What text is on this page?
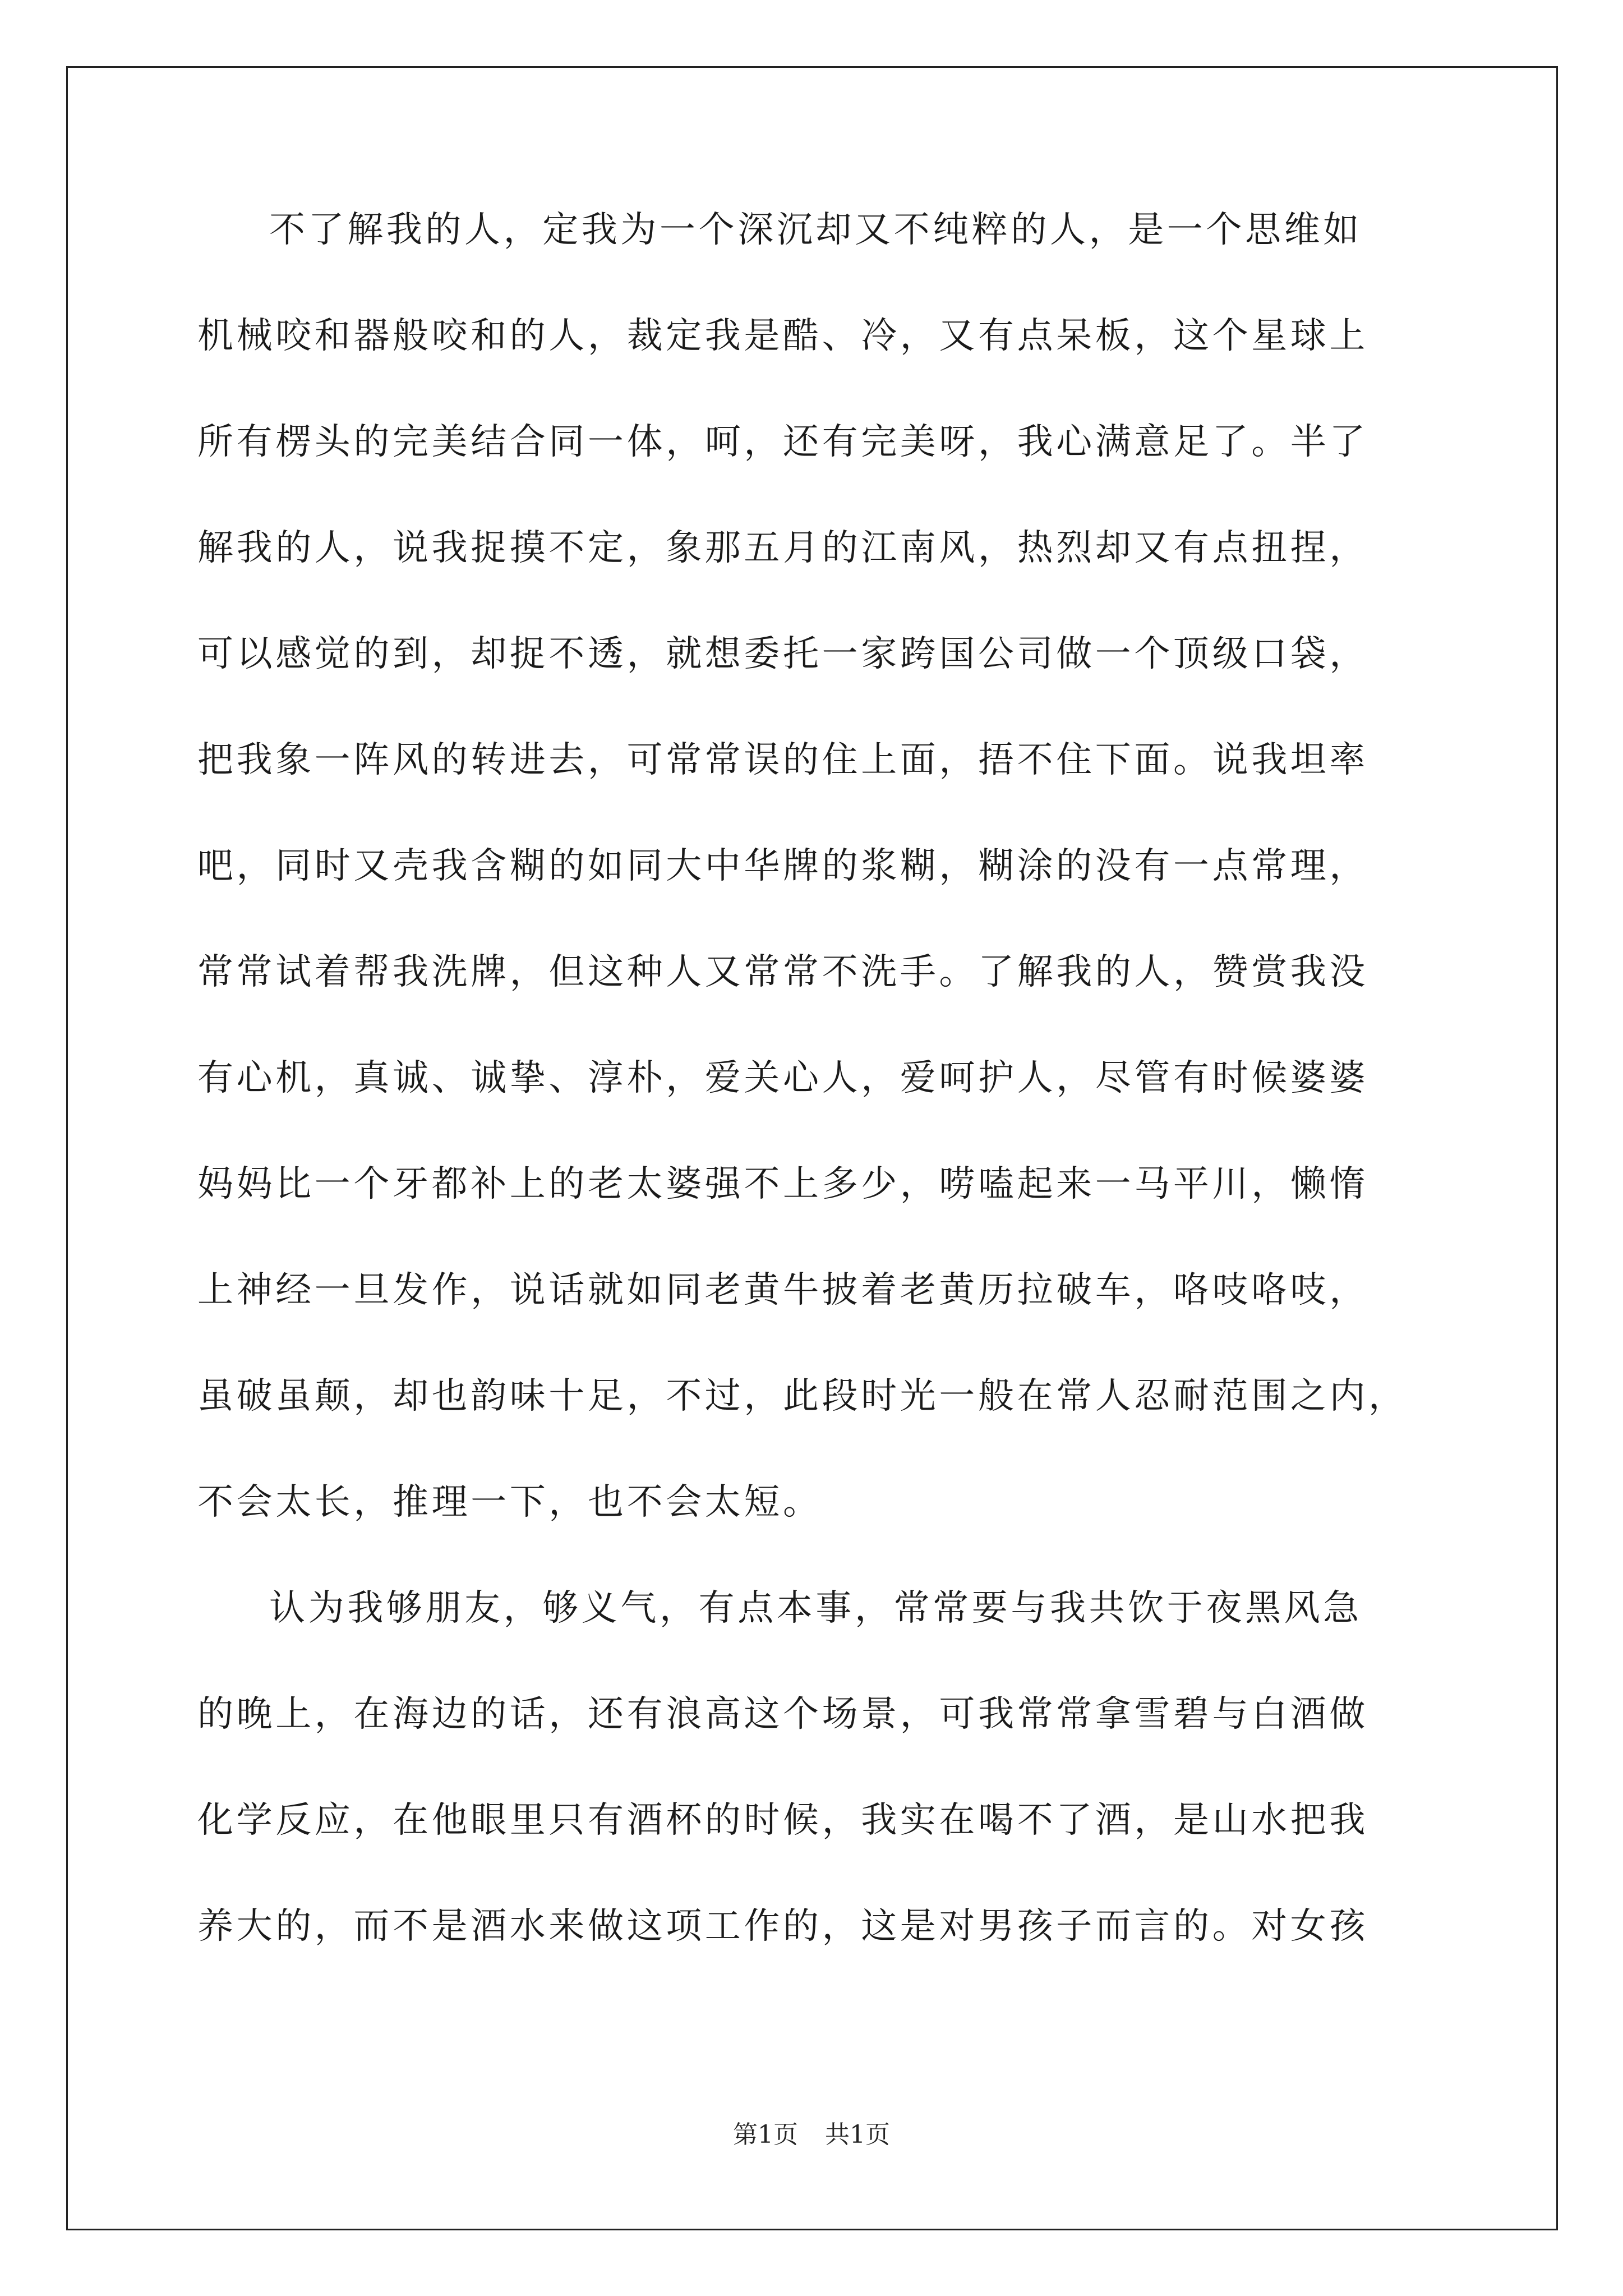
不了解我的人，定我为一个深沉却又不纯粹的人，是一个思维如
机械咬和器般咬和的人，裁定我是酷、冷，又有点呆板，这个星球上
所有楞头的完美结合同一体，呵，还有完美呀，我心满意足了。半了
解我的人，说我捉摸不定，象那五月的江南风，热烈却又有点扭捏，
可以感觉的到，却捉不透，就想委托一家跨国公司做一个顶级口袋，
把我象一阵风的转进去，可常常误的住上面，捂不住下面。说我坦率
吧，同时又壳我含糊的如同大中华牌的浆糊，糊涂的没有一点常理，
常常试着帮我洗牌，但这种人又常常不洗手。了解我的人，赞赏我没
有心机，真诚、诚挚、淳朴，爱关心人，爱呵护人，尽管有时候婆婆
妈妈比一个牙都补上的老太婆强不上多少，唠嗑起来一马平川，懒惰
上神经一旦发作，说话就如同老黄牛披着老黄历拉破车，咯吱咯吱，
虽破虽颠，却也韵味十足，不过，此段时光一般在常人忍耐范围之内，
不会太长，推理一下，也不会太短。
认为我够朋友，够义气，有点本事，常常要与我共饮于夜黑风急
的晚上，在海边的话，还有浪高这个场景，可我常常拿雪碧与白酒做
化学反应，在他眼里只有酒杯的时候，我实在喝不了酒，是山水把我
养大的，而不是酒水来做这项工作的，这是对男孩子而言的。对女孩
第1页 共1页
